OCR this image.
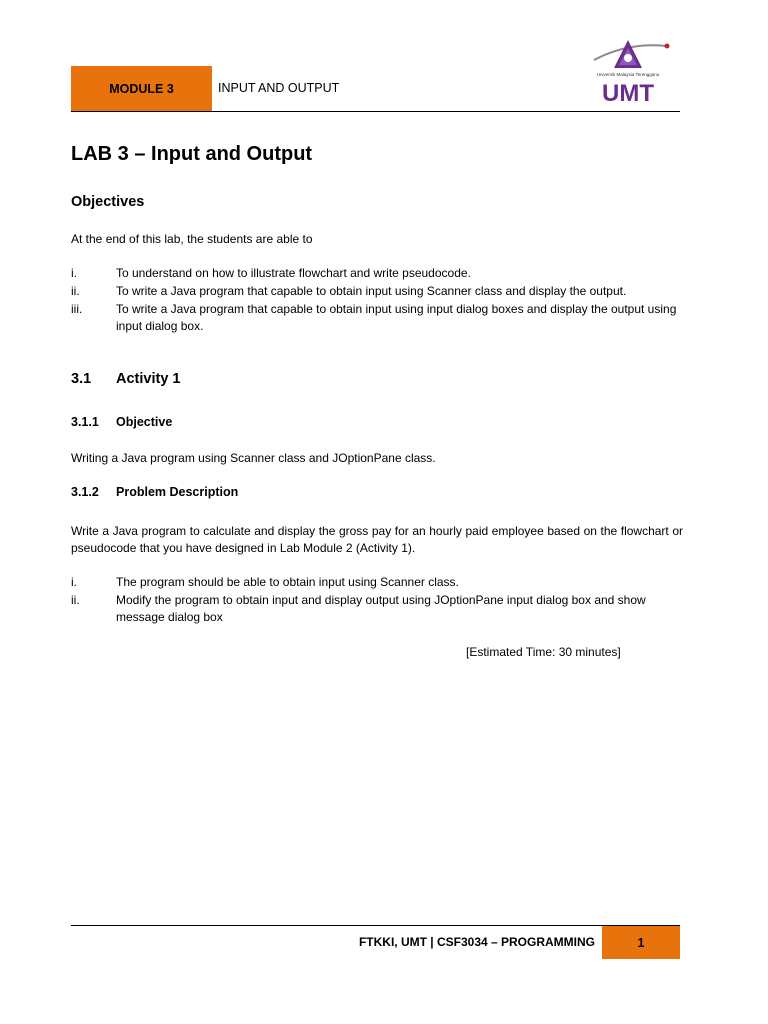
MODULE 3	INPUT AND OUTPUT
Universiti Malaysia Terengganu
UMT
LAB 3 – Input and Output
Objectives
At the end of this lab, the students are able to
i.	To understand on how to illustrate flowchart and write pseudocode.
ii.	To write a Java program that capable to obtain input using Scanner class and display the output.
iii.	To write a Java program that capable to obtain input using input dialog boxes and display the output using input dialog box.
3.1 Activity 1
3.1.1 Objective
Writing a Java program using Scanner class and JOptionPane class.
3.1.2 Problem Description
Write a Java program to calculate and display the gross pay for an hourly paid employee based on the flowchart or pseudocode that you have designed in Lab Module 2 (Activity 1).
i.	The program should be able to obtain input using Scanner class.
ii.	Modify the program to obtain input and display output using JOptionPane input dialog box and show message dialog box
[Estimated Time: 30 minutes]
FTKKI, UMT | CSF3034 – PROGRAMMING	1
